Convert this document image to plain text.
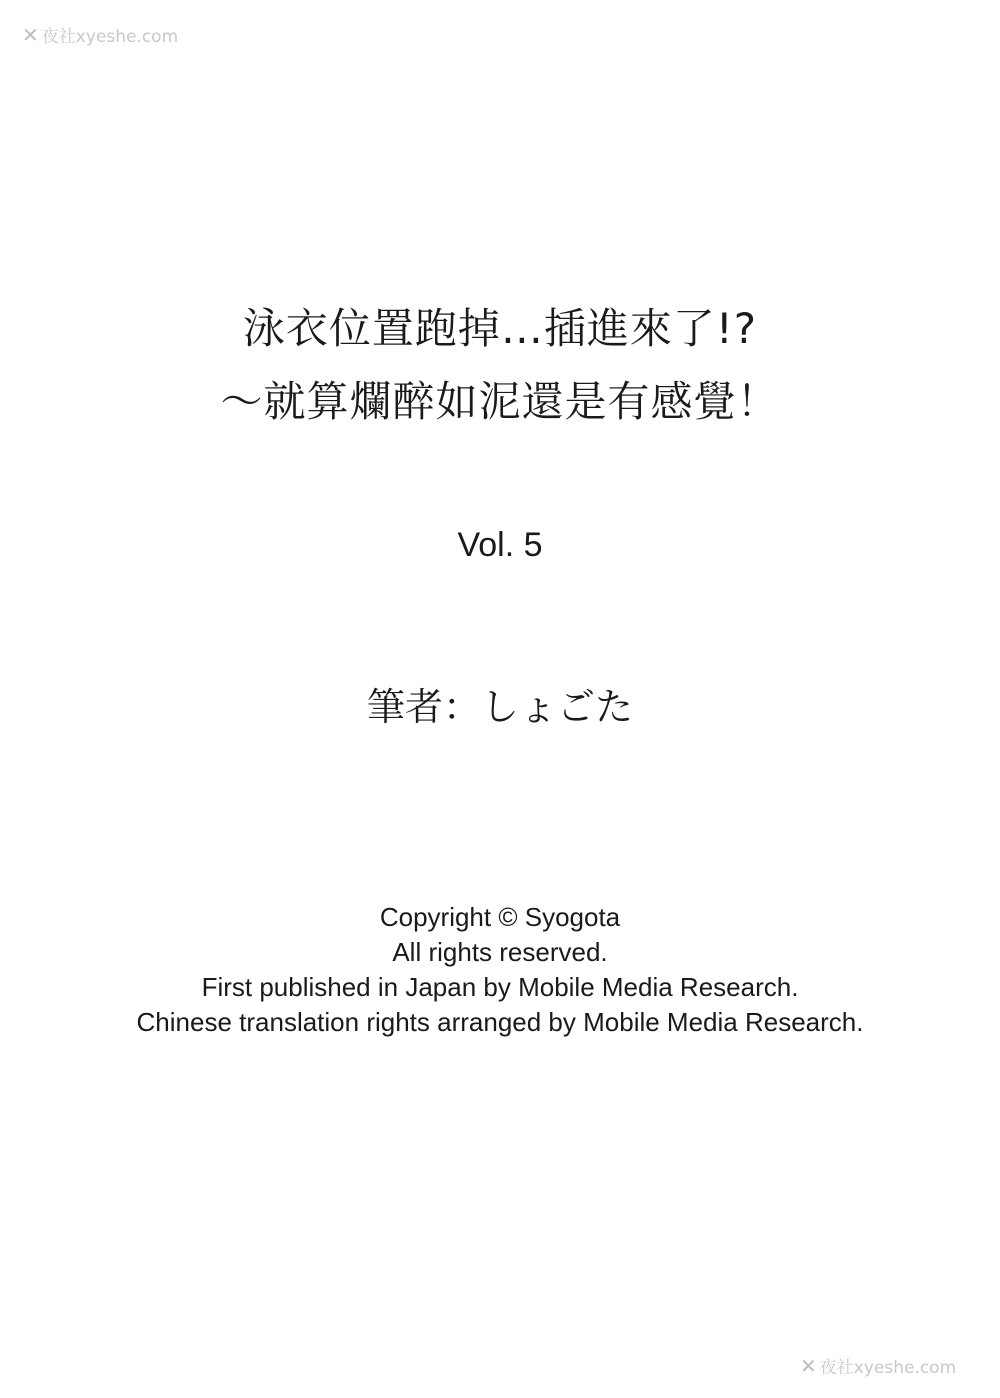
✕ 夜社xyeshe.com
泳衣位置跑掉…插進來了!?
～就算爛醉如泥還是有感覺！
Vol. 5
筆者：しょごた
Copyright © Syogota
All rights reserved.
First published in Japan by Mobile Media Research.
Chinese translation rights arranged by Mobile Media Research.
✕ 夜社xyeshe.com
